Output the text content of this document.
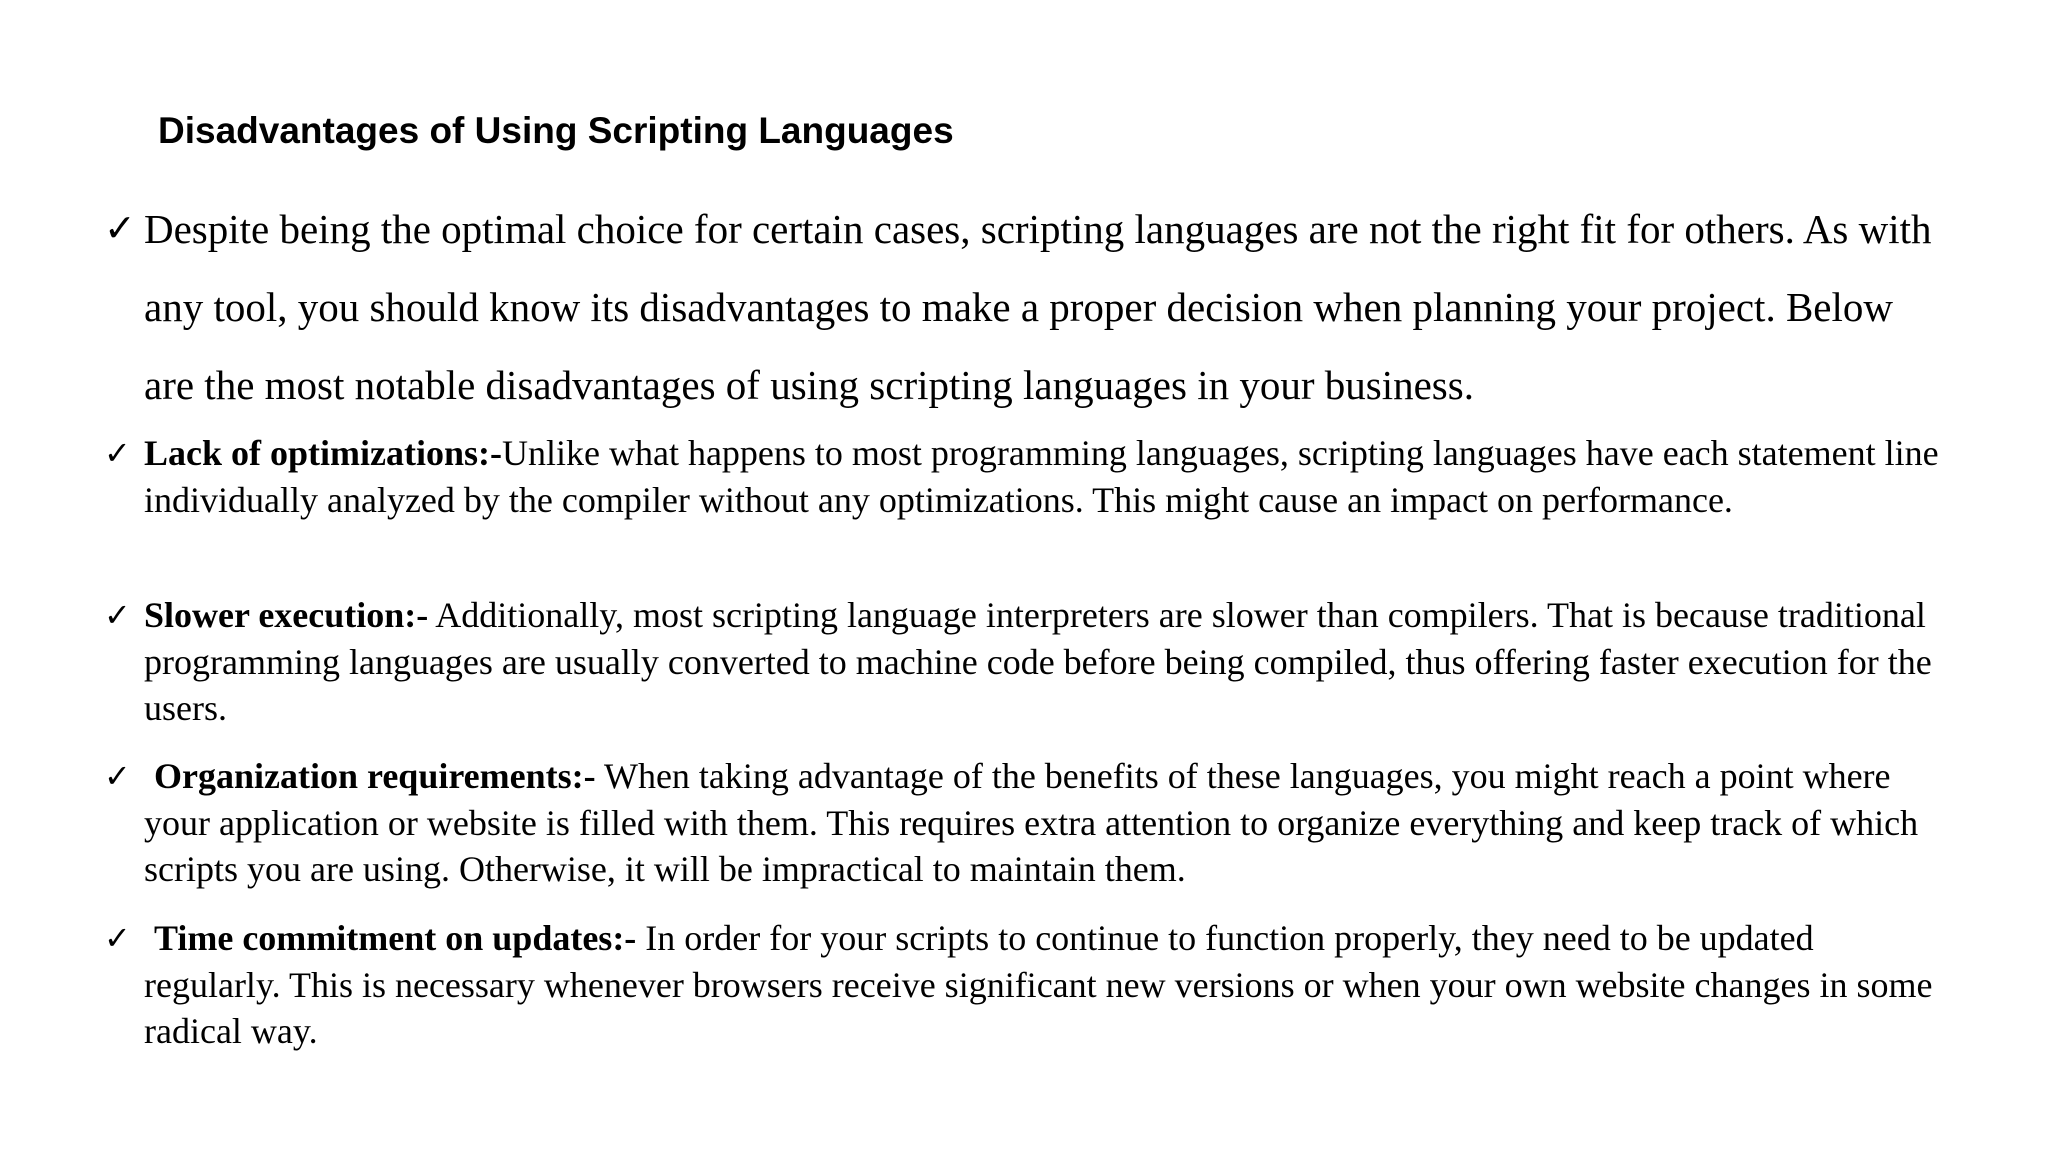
Disadvantages of Using Scripting Languages
✓ Despite being the optimal choice for certain cases, scripting languages are not the right fit for others. As with any tool, you should know its disadvantages to make a proper decision when planning your project. Below are the most notable disadvantages of using scripting languages in your business.
✓ Lack of optimizations:-Unlike what happens to most programming languages, scripting languages have each statement line individually analyzed by the compiler without any optimizations. This might cause an impact on performance.
✓ Slower execution:- Additionally, most scripting language interpreters are slower than compilers. That is because traditional programming languages are usually converted to machine code before being compiled, thus offering faster execution for the users.
✓ Organization requirements:- When taking advantage of the benefits of these languages, you might reach a point where your application or website is filled with them. This requires extra attention to organize everything and keep track of which scripts you are using. Otherwise, it will be impractical to maintain them.
✓ Time commitment on updates:- In order for your scripts to continue to function properly, they need to be updated regularly. This is necessary whenever browsers receive significant new versions or when your own website changes in some radical way.
